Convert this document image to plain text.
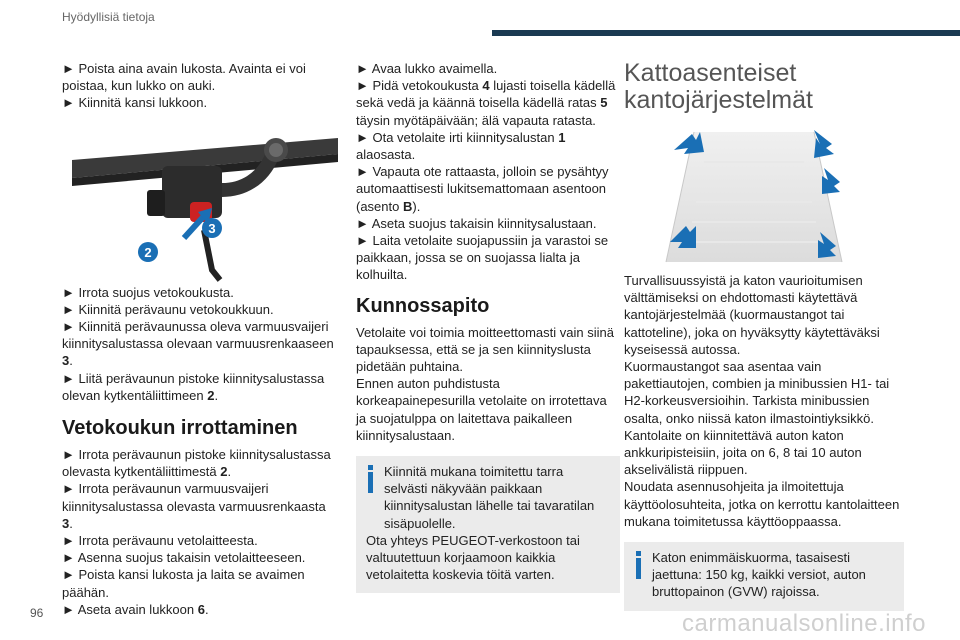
Hyödyllisiä tietoja

► Poista aina avain lukosta. Avainta ei voi poistaa, kun lukko on auki.

► Kiinnitä kansi lukkoon.

2
3

► Irrota suojus vetokoukusta.

► Kiinnitä perävaunu vetokoukkuun.

► Kiinnitä perävaunussa oleva varmuusvaijeri kiinnitysalustassa olevaan varmuusrenkaaseen 3.

► Liitä perävaunun pistoke kiinnitysalustassa olevan kytkentäliittimeen 2.

Vetokoukun irrottaminen

► Irrota perävaunun pistoke kiinnitysalustassa olevasta kytkentäliittimestä 2.

► Irrota perävaunun varmuusvaijeri kiinnitysalustassa olevasta varmuusrenkaasta 3.

► Irrota perävaunu vetolaitteesta.

► Asenna suojus takaisin vetolaitteeseen.

► Poista kansi lukosta ja laita se avaimen päähän.

► Aseta avain lukkoon 6.

► Avaa lukko avaimella.

► Pidä vetokoukusta 4 lujasti toisella kädellä sekä vedä ja käännä toisella kädellä ratas 5 täysin myötäpäivään; älä vapauta ratasta.

► Ota vetolaite irti kiinnitysalustan 1 alaosasta.

► Vapauta ote rattaasta, jolloin se pysähtyy automaattisesti lukitsemattomaan asentoon (asento B).

► Aseta suojus takaisin kiinnitysalustaan.

► Laita vetolaite suojapussiin ja varastoi se paikkaan, jossa se on suojassa lialta ja kolhuilta.

Kunnossapito

Vetolaite voi toimia moitteettomasti vain siinä tapauksessa, että se ja sen kiinnityslusta pidetään puhtaina.

Ennen auton puhdistusta korkeapainepesurilla vetolaite on irrotettava ja suojatulppa on laitettava paikalleen kiinnitysalustaan.

Kiinnitä mukana toimitettu tarra selvästi näkyvään paikkaan kiinnitysalustan lähelle tai tavaratilan sisäpuolelle.

Ota yhteys PEUGEOT-verkostoon tai valtuutettuun korjaamoon kaikkia vetolaitetta koskevia töitä varten.

Kattoasenteiset
kantojärjestelmät

Turvallisuussyistä ja katon vaurioitumisen välttämiseksi on ehdottomasti käytettävä kantojärjestelmää (kuormaustangot tai kattoteline), joka on hyväksytty käytettäväksi kyseisessä autossa.

Kuormaustangot saa asentaa vain pakettiautojen, combien ja minibussien H1- tai H2-korkeusversioihin. Tarkista minibussien osalta, onko niissä katon ilmastointiyksikkö.

Kantolaite on kiinnitettävä auton katon ankkuripisteisiin, joita on 6, 8 tai 10 auton akselivälistä riippuen.

Noudata asennusohjeita ja ilmoitettuja käyttöolosuhteita, jotka on kerrottu kantolaitteen mukana toimitetussa käyttöoppaassa.

Katon enimmäiskuorma, tasaisesti jaettuna: 150 kg, kaikki versiot, auton bruttopainon (GVW) rajoissa.

96	carmanualsonline.info
